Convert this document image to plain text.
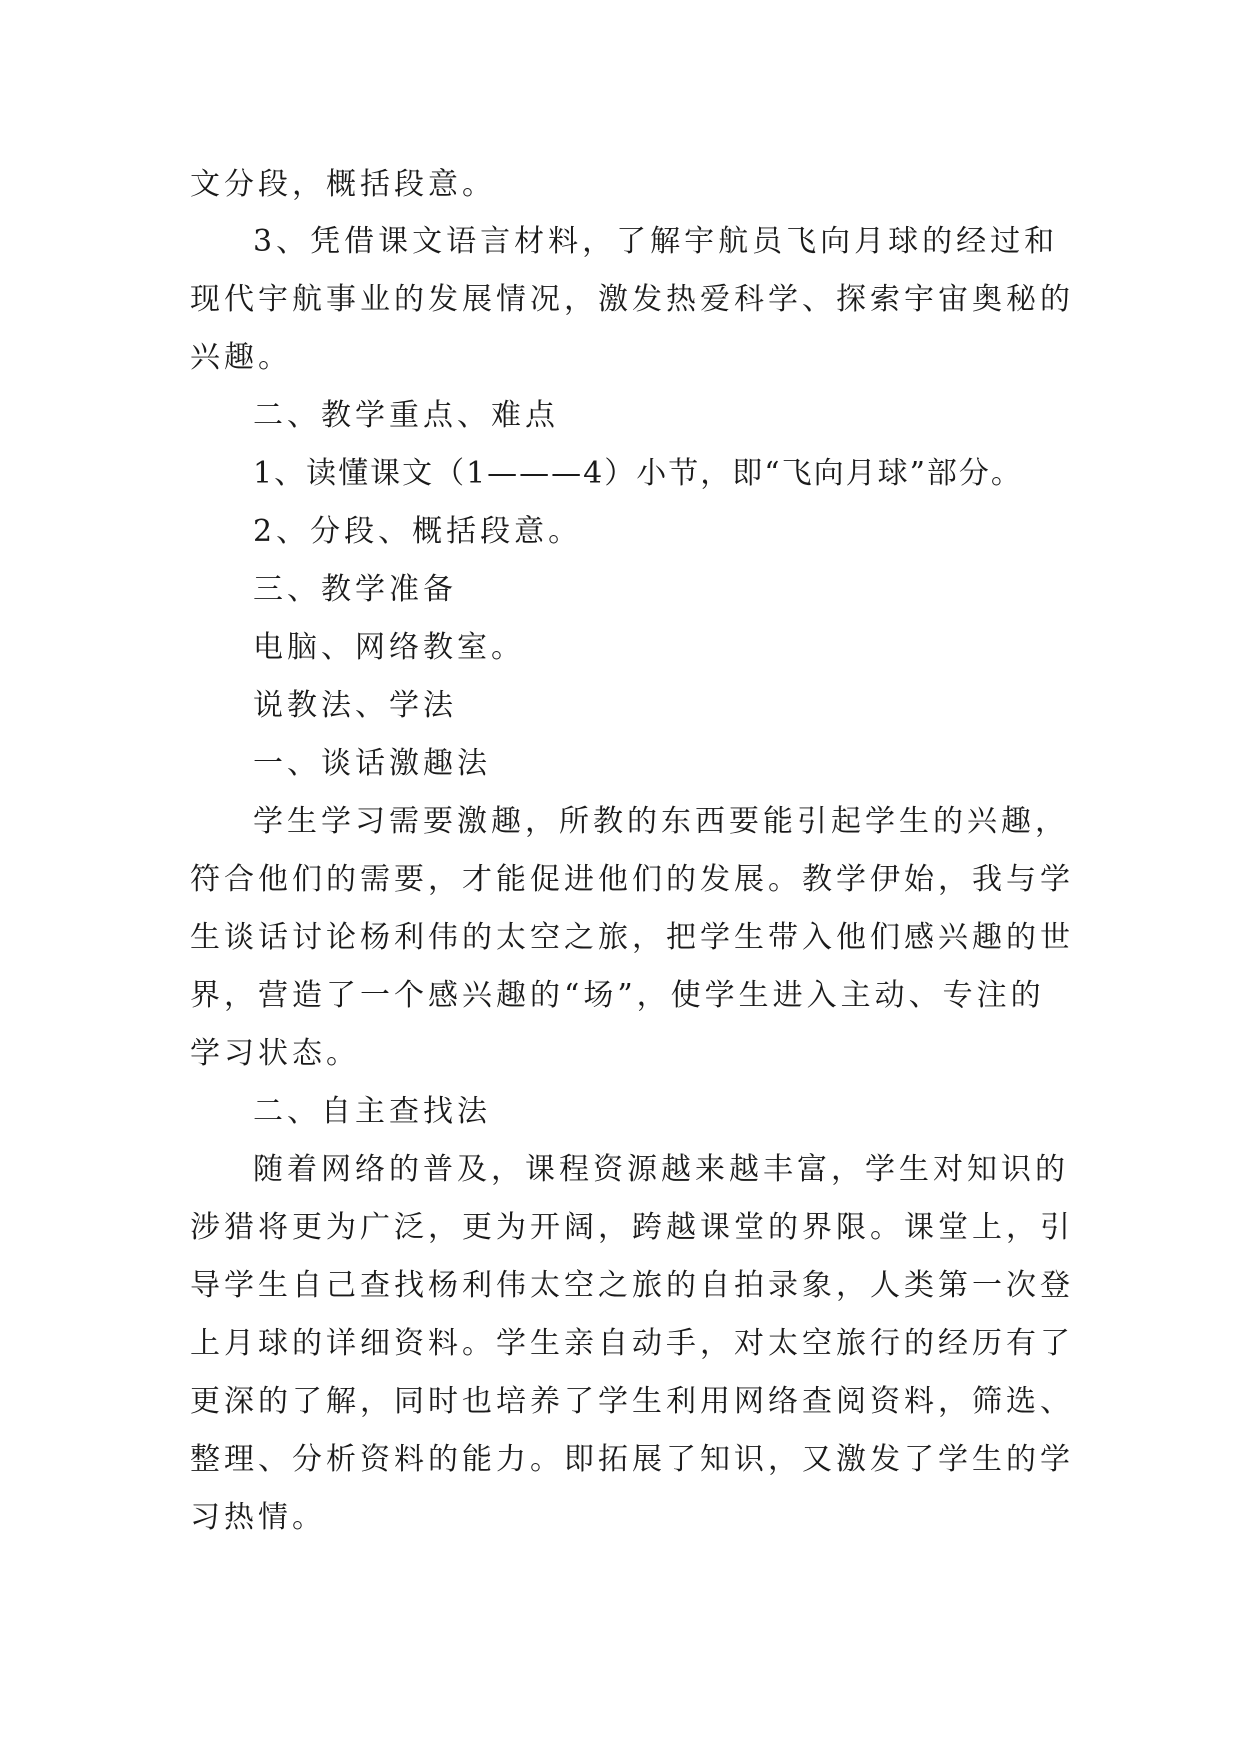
文分段，概括段意。
3、凭借课文语言材料，了解宇航员飞向月球的经过和
现代宇航事业的发展情况，激发热爱科学、探索宇宙奥秘的
兴趣。
二、教学重点、难点
1、读懂课文（1———4）小节，即“飞向月球”部分。
2、分段、概括段意。
三、教学准备
电脑、网络教室。
说教法、学法
一、谈话激趣法
学生学习需要激趣，所教的东西要能引起学生的兴趣，
符合他们的需要，才能促进他们的发展。教学伊始，我与学
生谈话讨论杨利伟的太空之旅，把学生带入他们感兴趣的世
界，营造了一个感兴趣的“场”，使学生进入主动、专注的
学习状态。
二、自主查找法
随着网络的普及，课程资源越来越丰富，学生对知识的
涉猎将更为广泛，更为开阔，跨越课堂的界限。课堂上，引
导学生自己查找杨利伟太空之旅的自拍录象，人类第一次登
上月球的详细资料。学生亲自动手，对太空旅行的经历有了
更深的了解，同时也培养了学生利用网络查阅资料，筛选、
整理、分析资料的能力。即拓展了知识，又激发了学生的学
习热情。
